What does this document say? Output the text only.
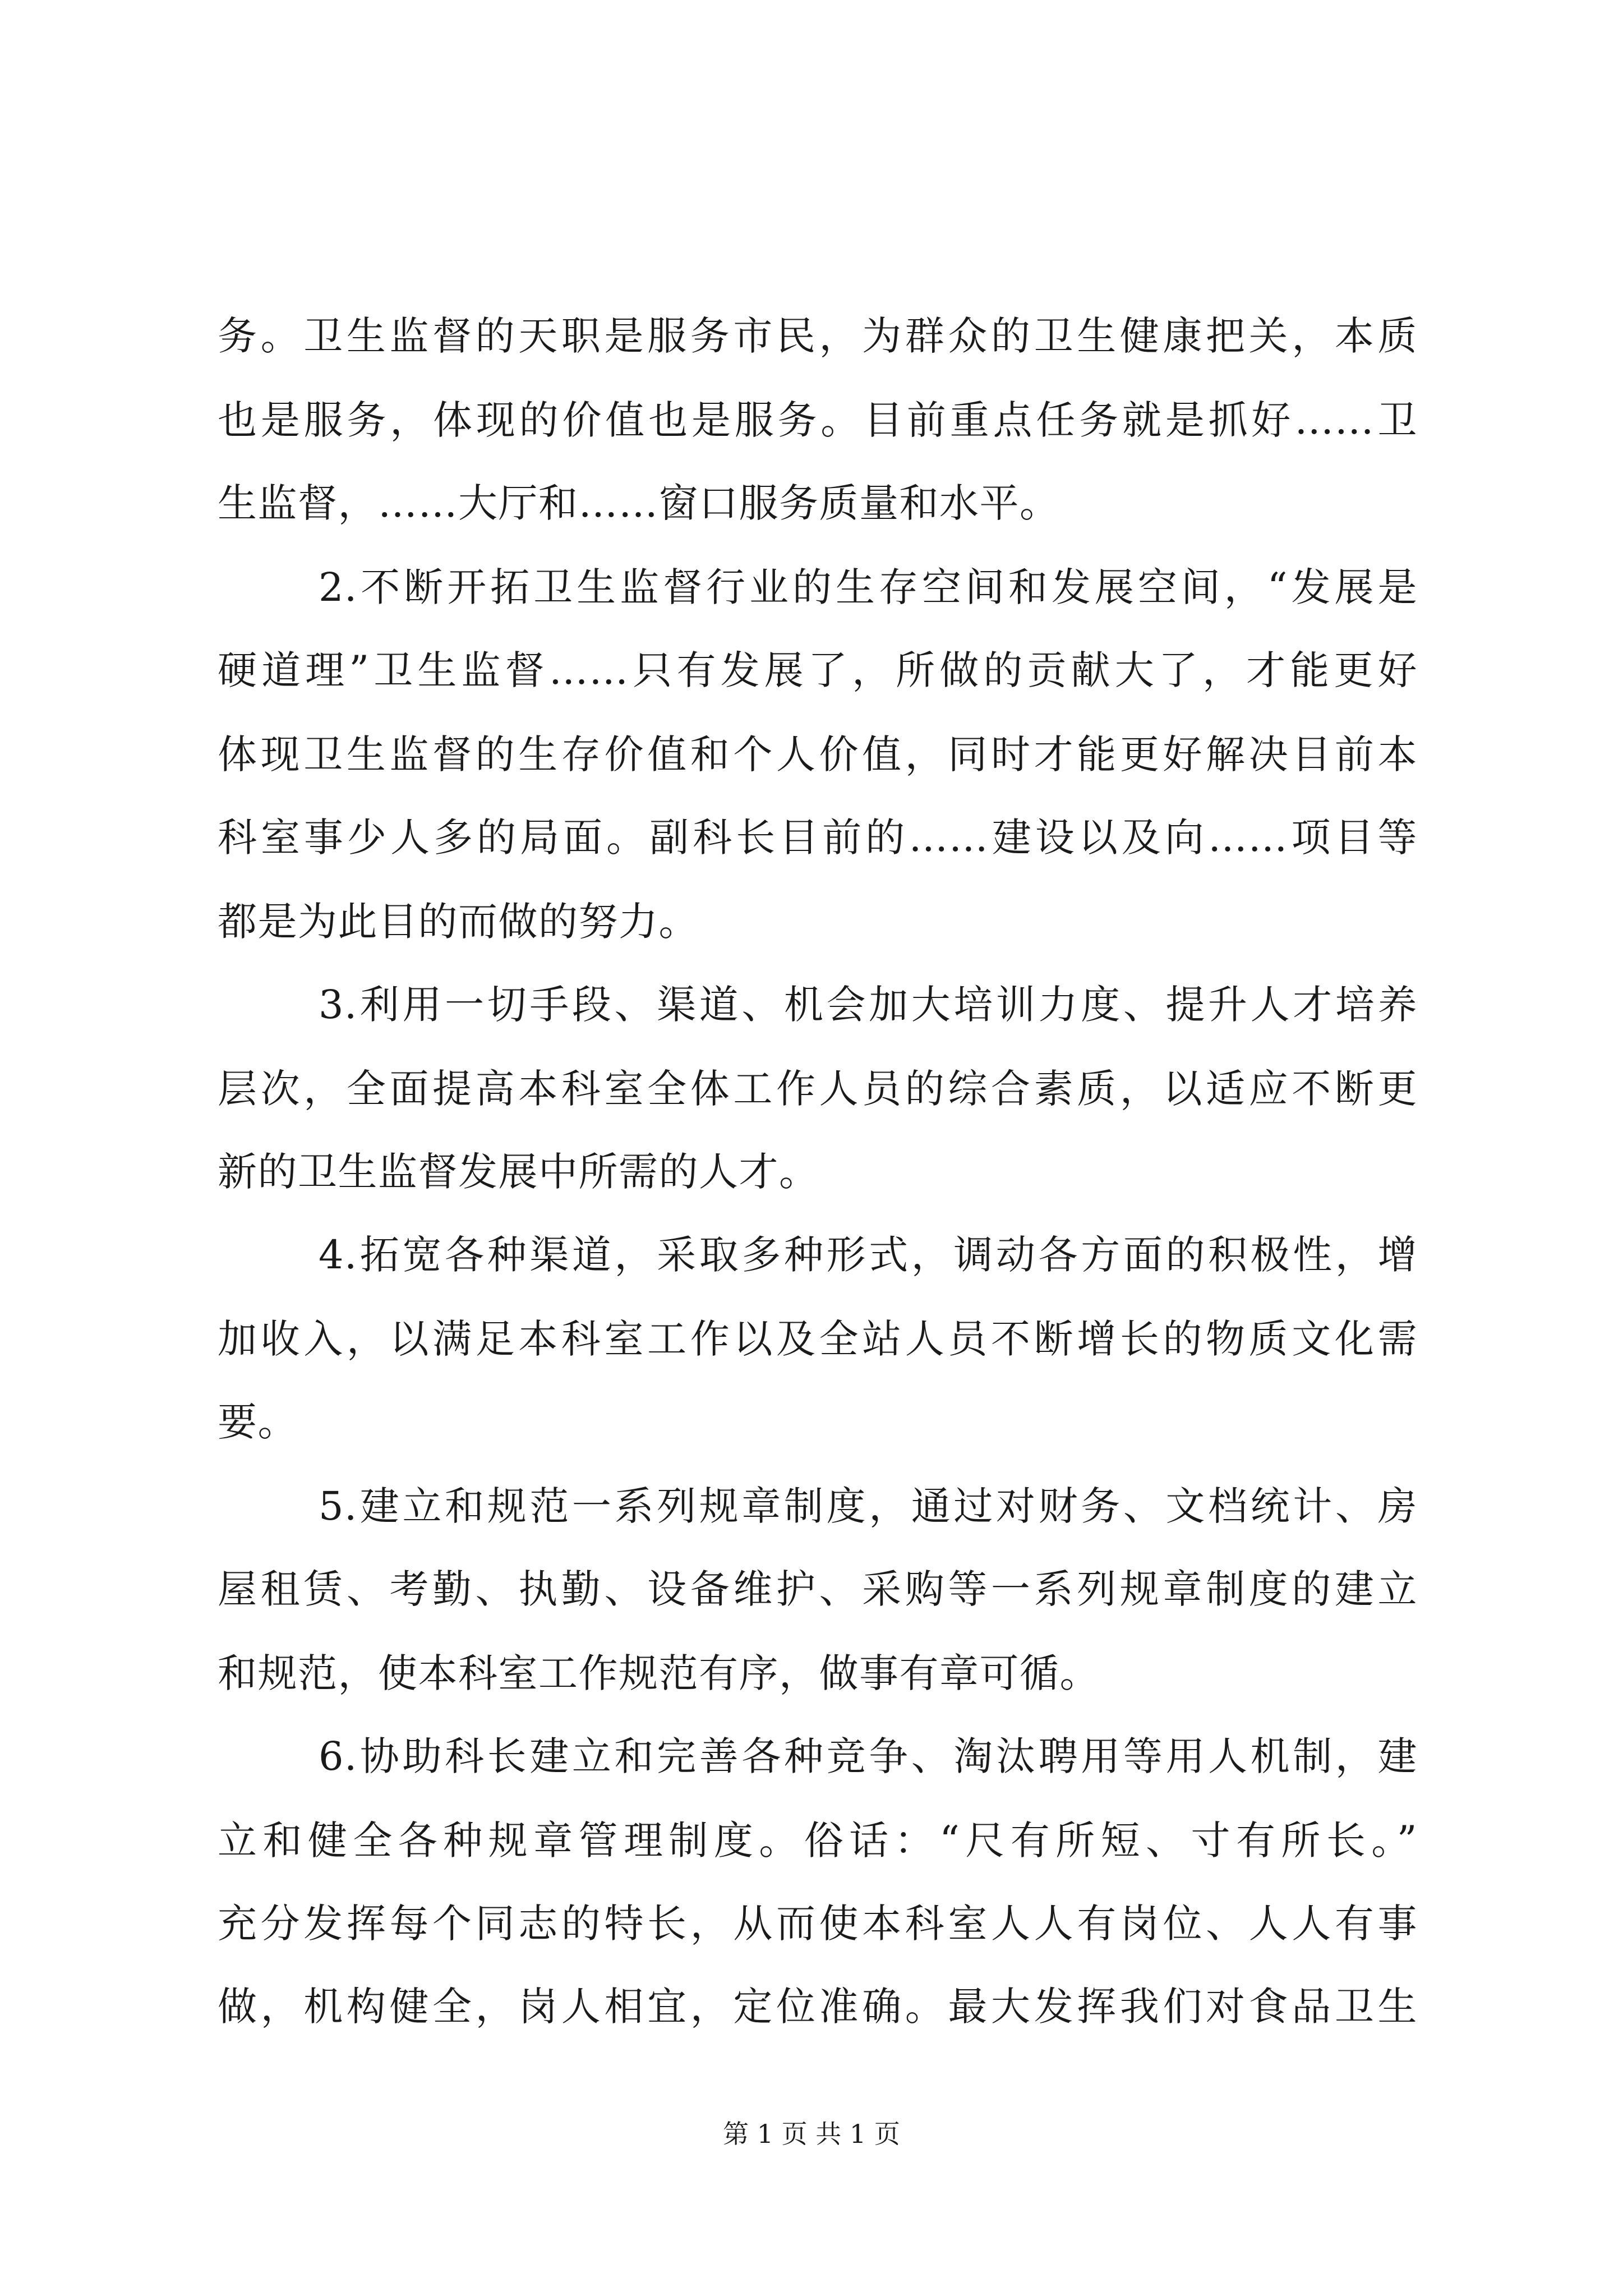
务。卫生监督的天职是服务市民，为群众的卫生健康把关，本质
也是服务，体现的价值也是服务。目前重点任务就是抓好……卫
生监督，……大厅和……窗口服务质量和水平。
2.不断开拓卫生监督行业的生存空间和发展空间，“发展是
硬道理”卫生监督……只有发展了，所做的贡献大了，才能更好
体现卫生监督的生存价值和个人价值，同时才能更好解决目前本
科室事少人多的局面。副科长目前的……建设以及向……项目等
都是为此目的而做的努力。
3.利用一切手段、渠道、机会加大培训力度、提升人才培养
层次，全面提高本科室全体工作人员的综合素质，以适应不断更
新的卫生监督发展中所需的人才。
4.拓宽各种渠道，采取多种形式，调动各方面的积极性，增
加收入，以满足本科室工作以及全站人员不断增长的物质文化需
要。
5.建立和规范一系列规章制度，通过对财务、文档统计、房
屋租赁、考勤、执勤、设备维护、采购等一系列规章制度的建立
和规范，使本科室工作规范有序，做事有章可循。
6.协助科长建立和完善各种竞争、淘汰聘用等用人机制，建
立和健全各种规章管理制度。俗话：“尺有所短、寸有所长。”
充分发挥每个同志的特长，从而使本科室人人有岗位、人人有事
做，机构健全，岗人相宜，定位准确。最大发挥我们对食品卫生
第 1 页 共 1 页
